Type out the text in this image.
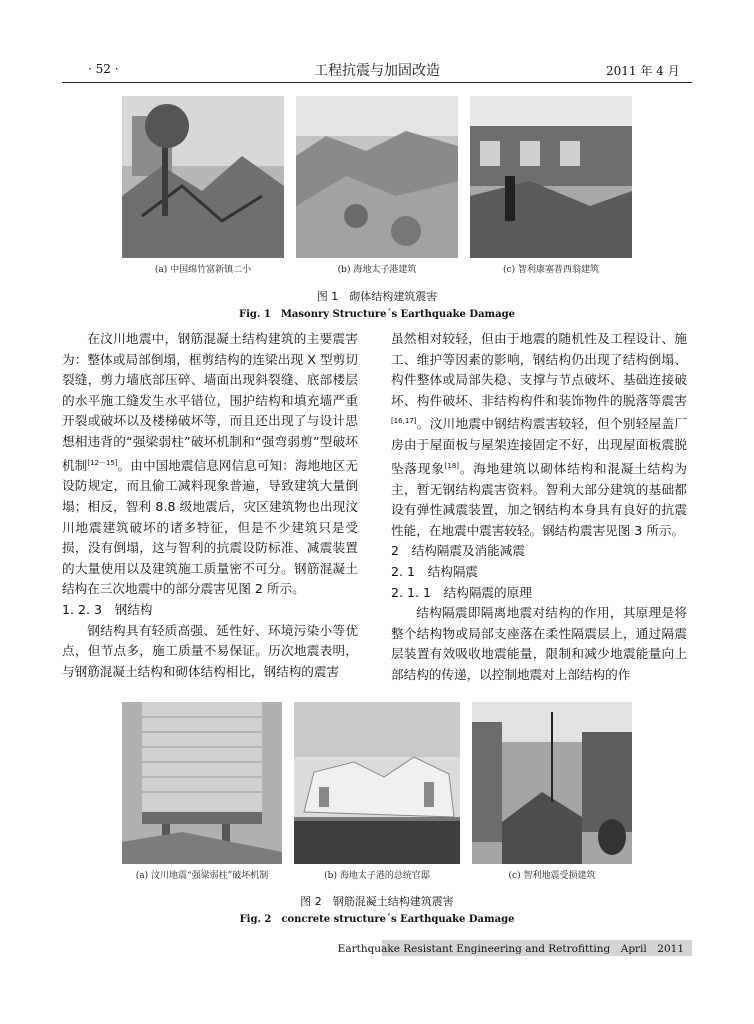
· 52 ·	工程抗震与加固改造	2011 年 4 月
(a) 中国绵竹富新镇二小	(b) 海地太子港建筑	(c) 智利康塞普西翁建筑
图 1　砌体结构建筑震害
Fig. 1　Masonry Structure´s Earthquake Damage

在汶川地震中，钢筋混凝土结构建筑的主要震害为：整体或局部倒塌，框剪结构的连梁出现 X 型剪切裂缝，剪力墙底部压碎、墙面出现斜裂缝、底部楼层的水平施工缝发生水平错位，围护结构和填充墙严重开裂或破坏以及楼梯破坏等，而且还出现了与设计思想相违背的“强梁弱柱”破坏机制和“强弯弱剪”型破坏机制[12－15]。由中国地震信息网信息可知：海地地区无设防规定，而且偷工减料现象普遍，导致建筑大量倒塌；相反，智利 8.8 级地震后，灾区建筑物也出现汶川地震建筑破坏的诸多特征，但是不少建筑只是受损，没有倒塌，这与智利的抗震设防标准、减震装置的大量使用以及建筑施工质量密不可分。钢筋混凝土结构在三次地震中的部分震害见图 2 所示。

1. 2. 3　钢结构

钢结构具有轻质高强、延性好、环境污染小等优点，但节点多，施工质量不易保证。历次地震表明，与钢筋混凝土结构和砌体结构相比，钢结构的震害

虽然相对较轻，但由于地震的随机性及工程设计、施工、维护等因素的影响，钢结构仍出现了结构倒塌、构件整体或局部失稳、支撑与节点破坏、基础连接破坏、构件破坏、非结构构件和装饰物件的脱落等震害[16,17]。汶川地震中钢结构震害较轻，但个别轻屋盖厂房由于屋面板与屋架连接固定不好，出现屋面板震脱坠落现象[18]。海地建筑以砌体结构和混凝土结构为主，暂无钢结构震害资料。智利大部分建筑的基础都设有弹性减震装置，加之钢结构本身具有良好的抗震性能，在地震中震害较轻。钢结构震害见图 3 所示。

2　结构隔震及消能减震

2. 1　结构隔震

2. 1. 1　结构隔震的原理

结构隔震即隔离地震对结构的作用，其原理是将整个结构物或局部支座落在柔性隔震层上，通过隔震层装置有效吸收地震能量，限制和减少地震能量向上部结构的传递，以控制地震对上部结构的作

(a) 汶川地震“强梁弱柱”破坏机制	(b) 海地太子港的总统官邸	(c) 智利地震受损建筑
图 2　钢筋混凝土结构建筑震害
Fig. 2　concrete structure´s Earthquake Damage
Earthquake Resistant Engineering and Retrofitting　April　2011
